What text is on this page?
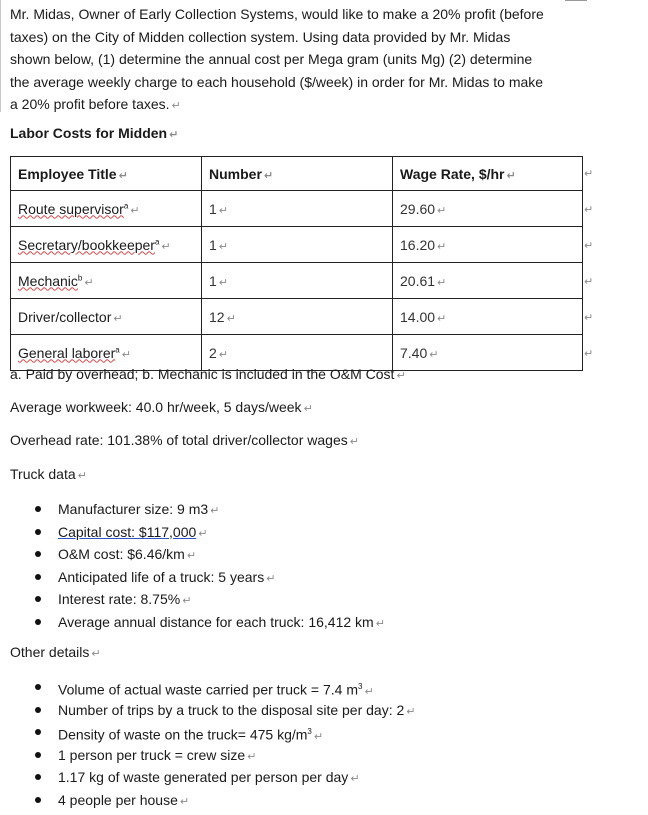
Mr. Midas, Owner of Early Collection Systems, would like to make a 20% profit (before
taxes) on the City of Midden collection system. Using data provided by Mr. Midas
shown below, (1) determine the annual cost per Mega gram (units Mg) (2) determine
the average weekly charge to each household ($/week) in order for Mr. Midas to make
a 20% profit before taxes. ↵
Labor Costs for Midden ↵
Employee Title ↵	Number ↵	Wage Rate, $/hr ↵
Route supervisor$^a$ ↵	1 ↵	29.60 ↵
Secretary/bookkeeper$^a$ ↵	1 ↵	16.20 ↵
Mechanic$^b$ ↵	1 ↵	20.61 ↵
Driver/collector ↵	12 ↵	14.00 ↵
General laborer$^a$ ↵	2 ↵	7.40 ↵
↵
↵
↵
↵
↵
↵
a. Paid by overhead; b. Mechanic is included in the O&M Cost ↵
Average workweek: 40.0 hr/week, 5 days/week ↵
Overhead rate: 101.38% of total driver/collector wages ↵
Truck data ↵
Manufacturer size: 9 m3 ↵
Capital cost: $117,000 ↵
O&M cost: $6.46/km ↵
Anticipated life of a truck: 5 years ↵
Interest rate: 8.75% ↵
Average annual distance for each truck: 16,412 km ↵
Other details ↵
Volume of actual waste carried per truck = 7.4 $m^3$ ↵
Number of trips by a truck to the disposal site per day: 2 ↵
Density of waste on the truck= 475 $kg/m^3$ ↵
1 person per truck = crew size ↵
1.17 kg of waste generated per person per day ↵
4 people per house ↵
